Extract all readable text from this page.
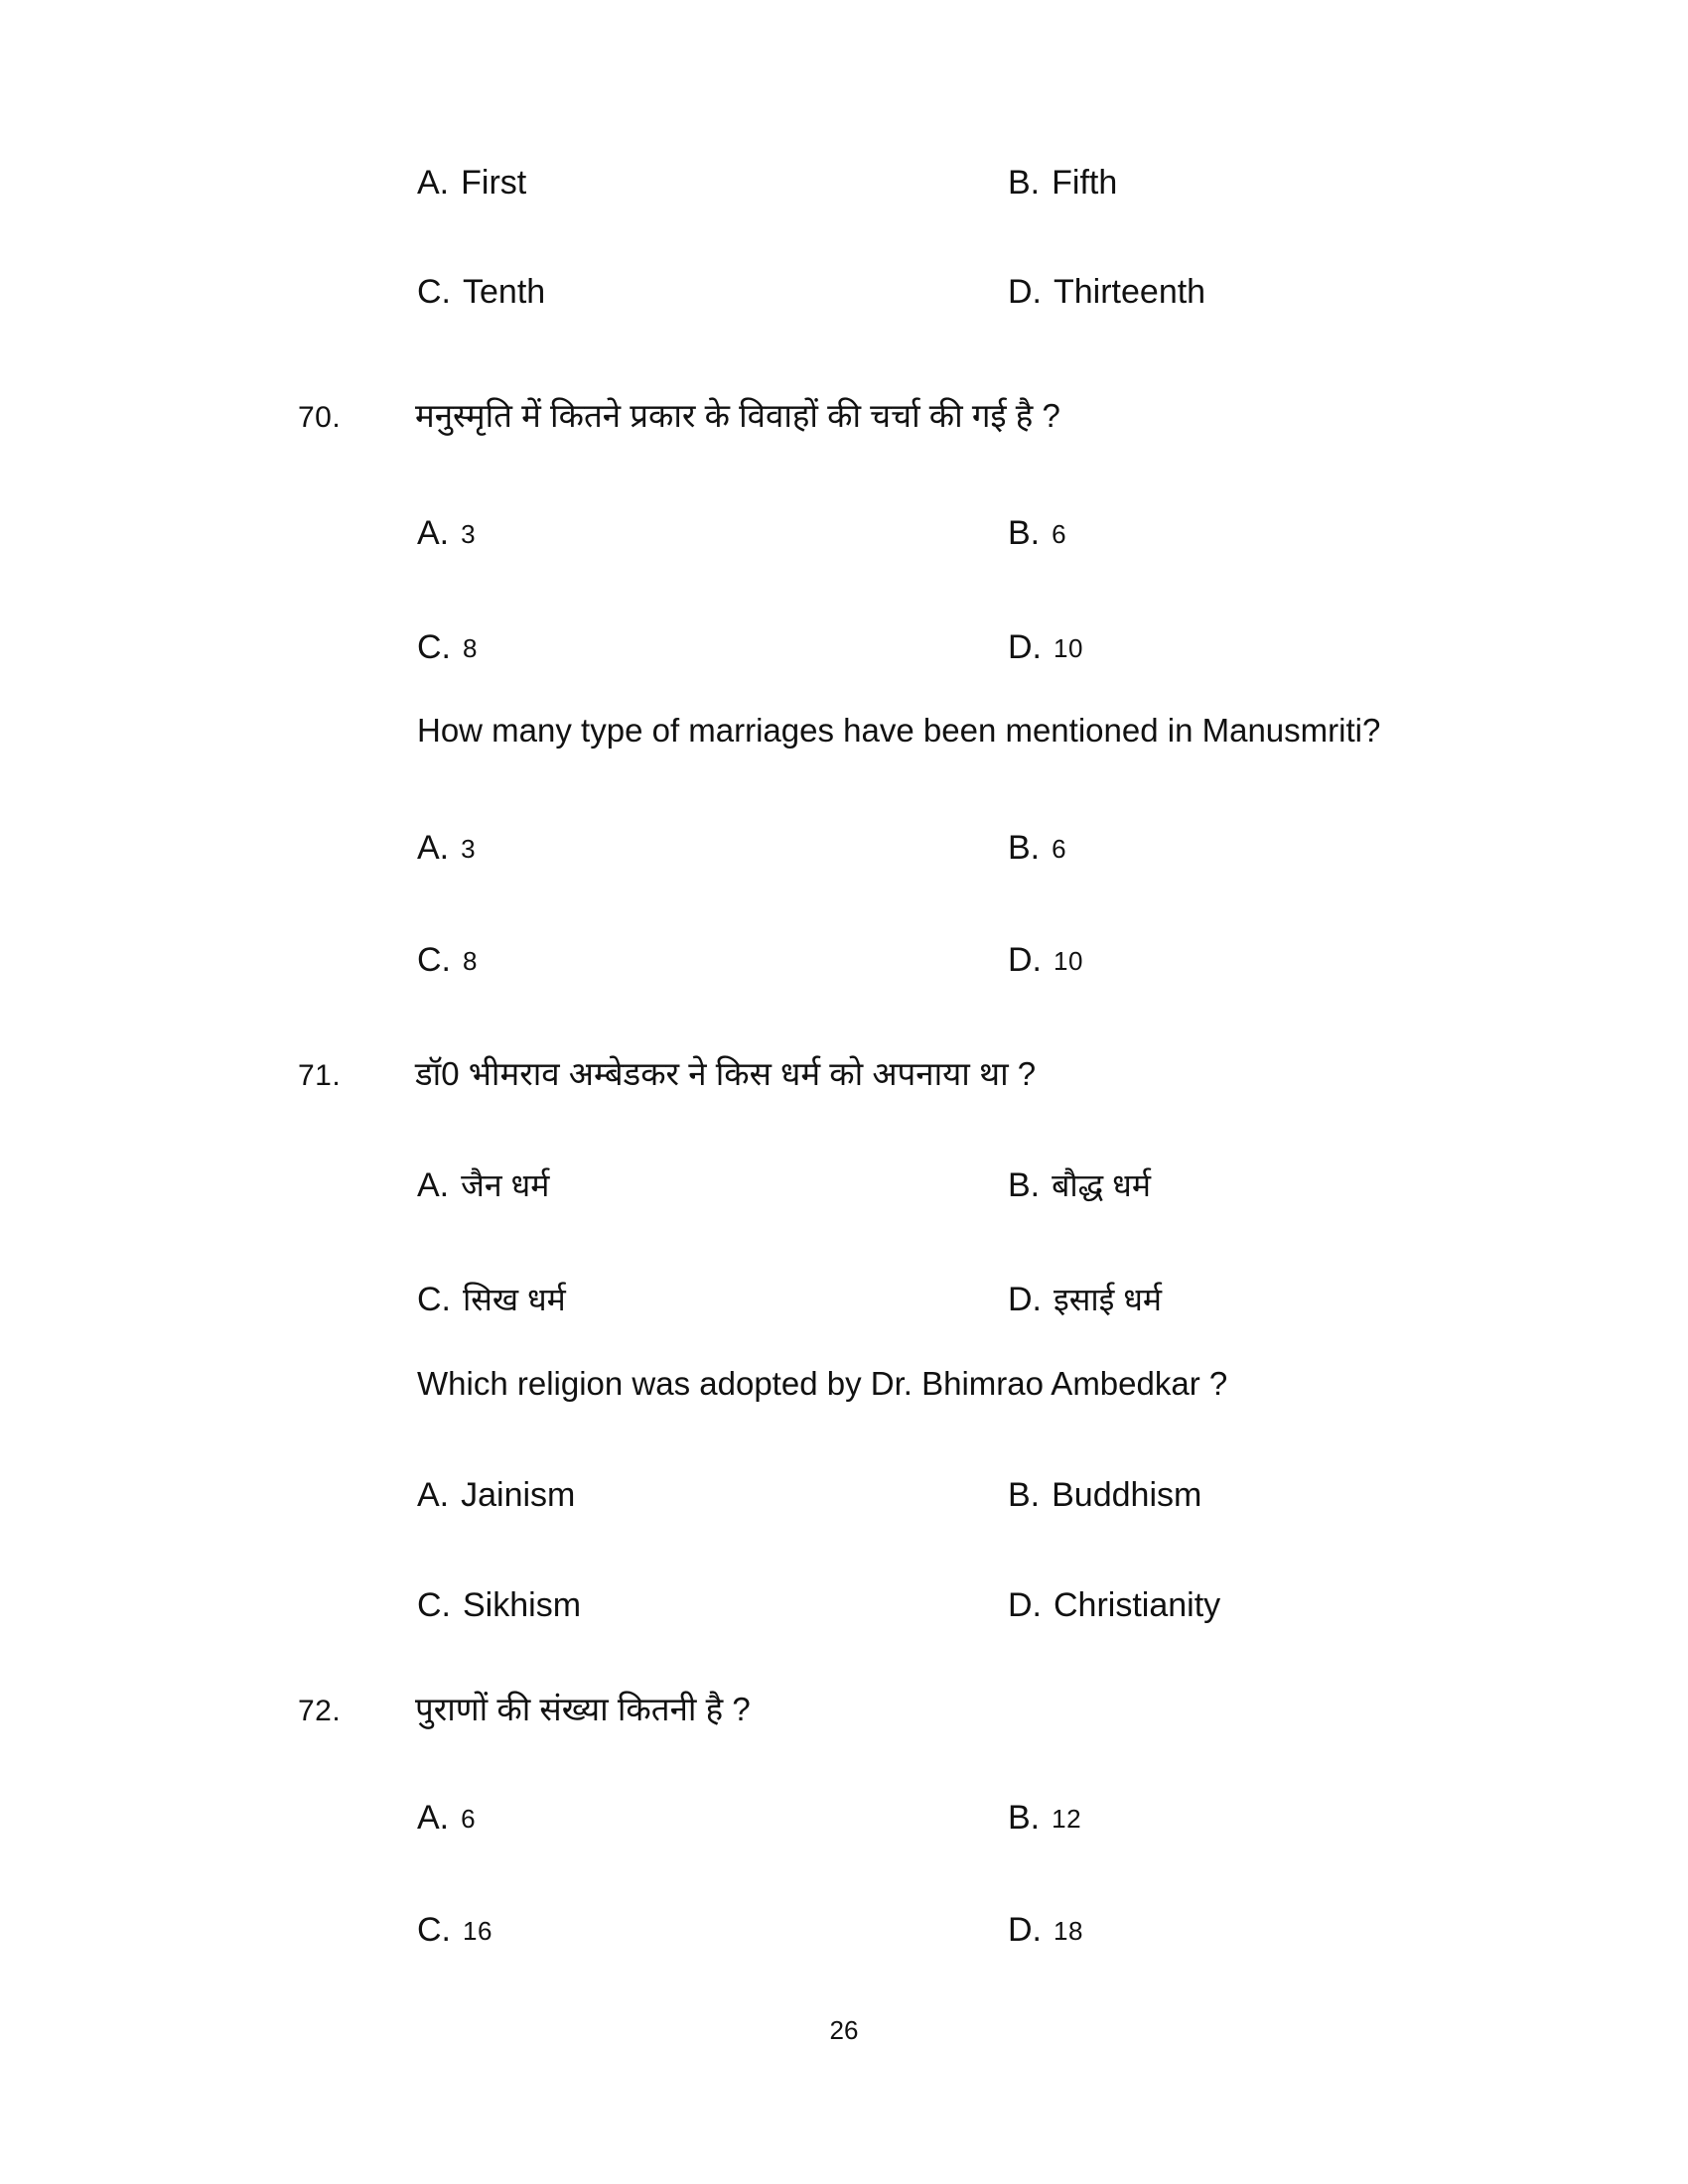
A. First	B. Fifth
C. Tenth	D. Thirteenth
70.	मनुस्मृति में कितने प्रकार के विवाहों की चर्चा की गई है ?
A. 3	B. 6
C. 8	D. 10
How many type of marriages have been mentioned in Manusmriti?
A. 3	B. 6
C. 8	D. 10
71.	डॉ0 भीमराव अम्बेडकर ने किस धर्म को अपनाया था ?
A. जैन धर्म	B. बौद्ध धर्म
C. सिख धर्म	D. इसाई धर्म
Which religion was adopted by Dr. Bhimrao Ambedkar ?
A. Jainism	B. Buddhism
C. Sikhism	D. Christianity
72.	पुराणों की संख्या कितनी है ?
A. 6	B. 12
C. 16	D. 18
26
